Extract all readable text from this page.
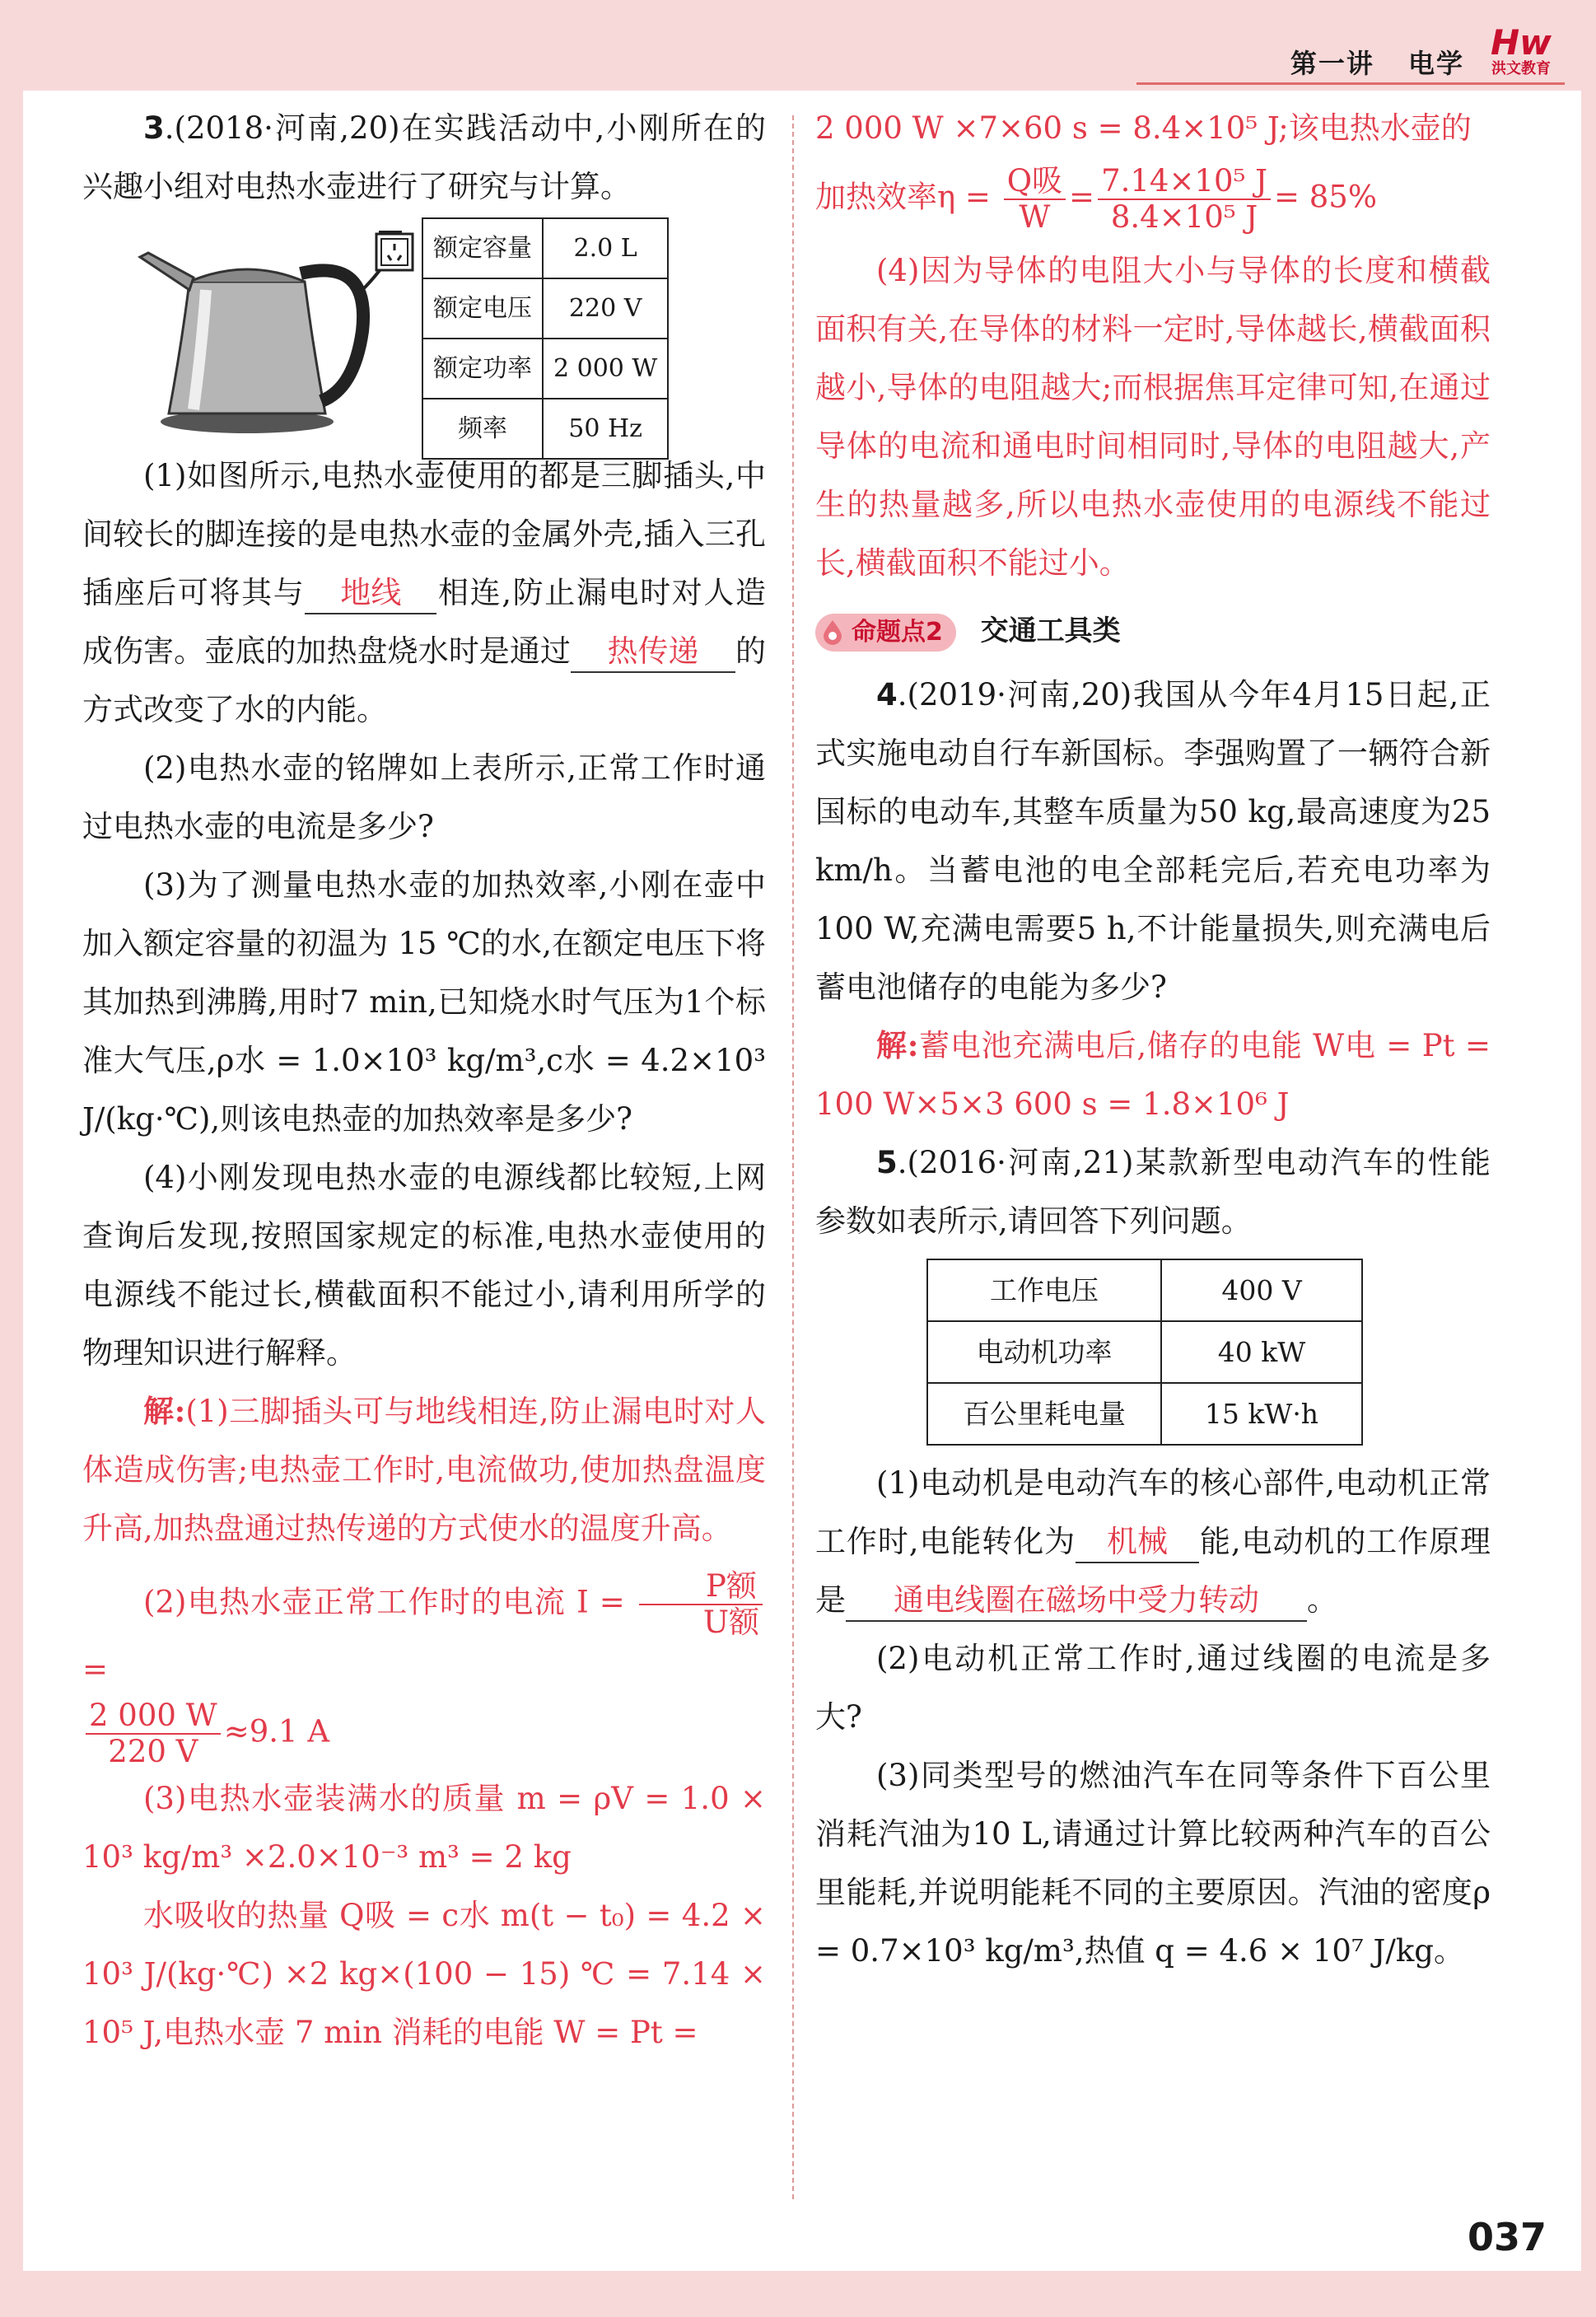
第一讲 电学
Hw
洪文教育

3.(2018·河南,20)在实践活动中,小刚所在的兴趣小组对电热水壶进行了研究与计算。

额定容量	2.0 L
额定电压	220 V
额定功率	2 000 W
频率	50 Hz

(1)如图所示,电热水壶使用的都是三脚插头,中间较长的脚连接的是电热水壶的金属外壳,插入三孔插座后可将其与 地线 相连,防止漏电时对人造成伤害。壶底的加热盘烧水时是通过 热传递 的方式改变了水的内能。

(2)电热水壶的铭牌如上表所示,正常工作时通过电热水壶的电流是多少?

(3)为了测量电热水壶的加热效率,小刚在壶中加入额定容量的初温为 15 ℃的水,在额定电压下将其加热到沸腾,用时7 min,已知烧水时气压为1个标准大气压,ρ水 = 1.0×10³ kg/m³,c水 = 4.2×10³ J/(kg·℃),则该电热壶的加热效率是多少?

(4)小刚发现电热水壶的电源线都比较短,上网查询后发现,按照国家规定的标准,电热水壶使用的电源线不能过长,横截面积不能过小,请利用所学的物理知识进行解释。

解:(1)三脚插头可与地线相连,防止漏电时对人体造成伤害;电热壶工作时,电流做功,使加热盘温度升高,加热盘通过热传递的方式使水的温度升高。

(2)电热水壶正常工作时的电流 $I = \frac{\text{P额}}{\text{U额}}$
=

$\frac{2 000 W}{220 V} \approx 9.1$ A

(3)电热水壶装满水的质量 m = ρV = 1.0 × 10³ kg/m³ ×2.0×10⁻³ m³ = 2 kg

水吸收的热量 Q吸 = c水 m(t − t₀) = 4.2 × 10³ J/(kg·℃) ×2 kg×(100 − 15) ℃ = 7.14 × 10⁵ J,电热水壶 7 min 消耗的电能 W = Pt =

2 000 W ×7×60 s = 8.4×10⁵ J;该电热水壶的

加热效率$\eta = \frac{\text{Q吸}}{W} = \frac{\text{7.14×10⁵ J}}{\text{8.4×10⁵ J}} = 85\%$

(4)因为导体的电阻大小与导体的长度和横截面积有关,在导体的材料一定时,导体越长,横截面积越小,导体的电阻越大;而根据焦耳定律可知,在通过导体的电流和通电时间相同时,导体的电阻越大,产生的热量越多,所以电热水壶使用的电源线不能过长,横截面积不能过小。

命题点2 交通工具类

4.(2019·河南,20)我国从今年4月15日起,正式实施电动自行车新国标。李强购置了一辆符合新国标的电动车,其整车质量为50 kg,最高速度为25 km/h。当蓄电池的电全部耗完后,若充电功率为 100 W,充满电需要5 h,不计能量损失,则充满电后蓄电池储存的电能为多少?

解:蓄电池充满电后,储存的电能 W电 = Pt = 100 W×5×3 600 s = 1.8×10⁶ J

5.(2016·河南,21)某款新型电动汽车的性能参数如表所示,请回答下列问题。

工作电压	400 V
电动机功率	40 kW
百公里耗电量	15 kW·h

(1)电动机是电动汽车的核心部件,电动机正常工作时,电能转化为 机械 能,电动机的工作原理是 通电线圈在磁场中受力转动 。

(2)电动机正常工作时,通过线圈的电流是多大?

(3)同类型号的燃油汽车在同等条件下百公里消耗汽油为10 L,请通过计算比较两种汽车的百公里能耗,并说明能耗不同的主要原因。汽油的密度ρ = 0.7×10³ kg/m³,热值 q = 4.6 × 10⁷ J/kg。

037
